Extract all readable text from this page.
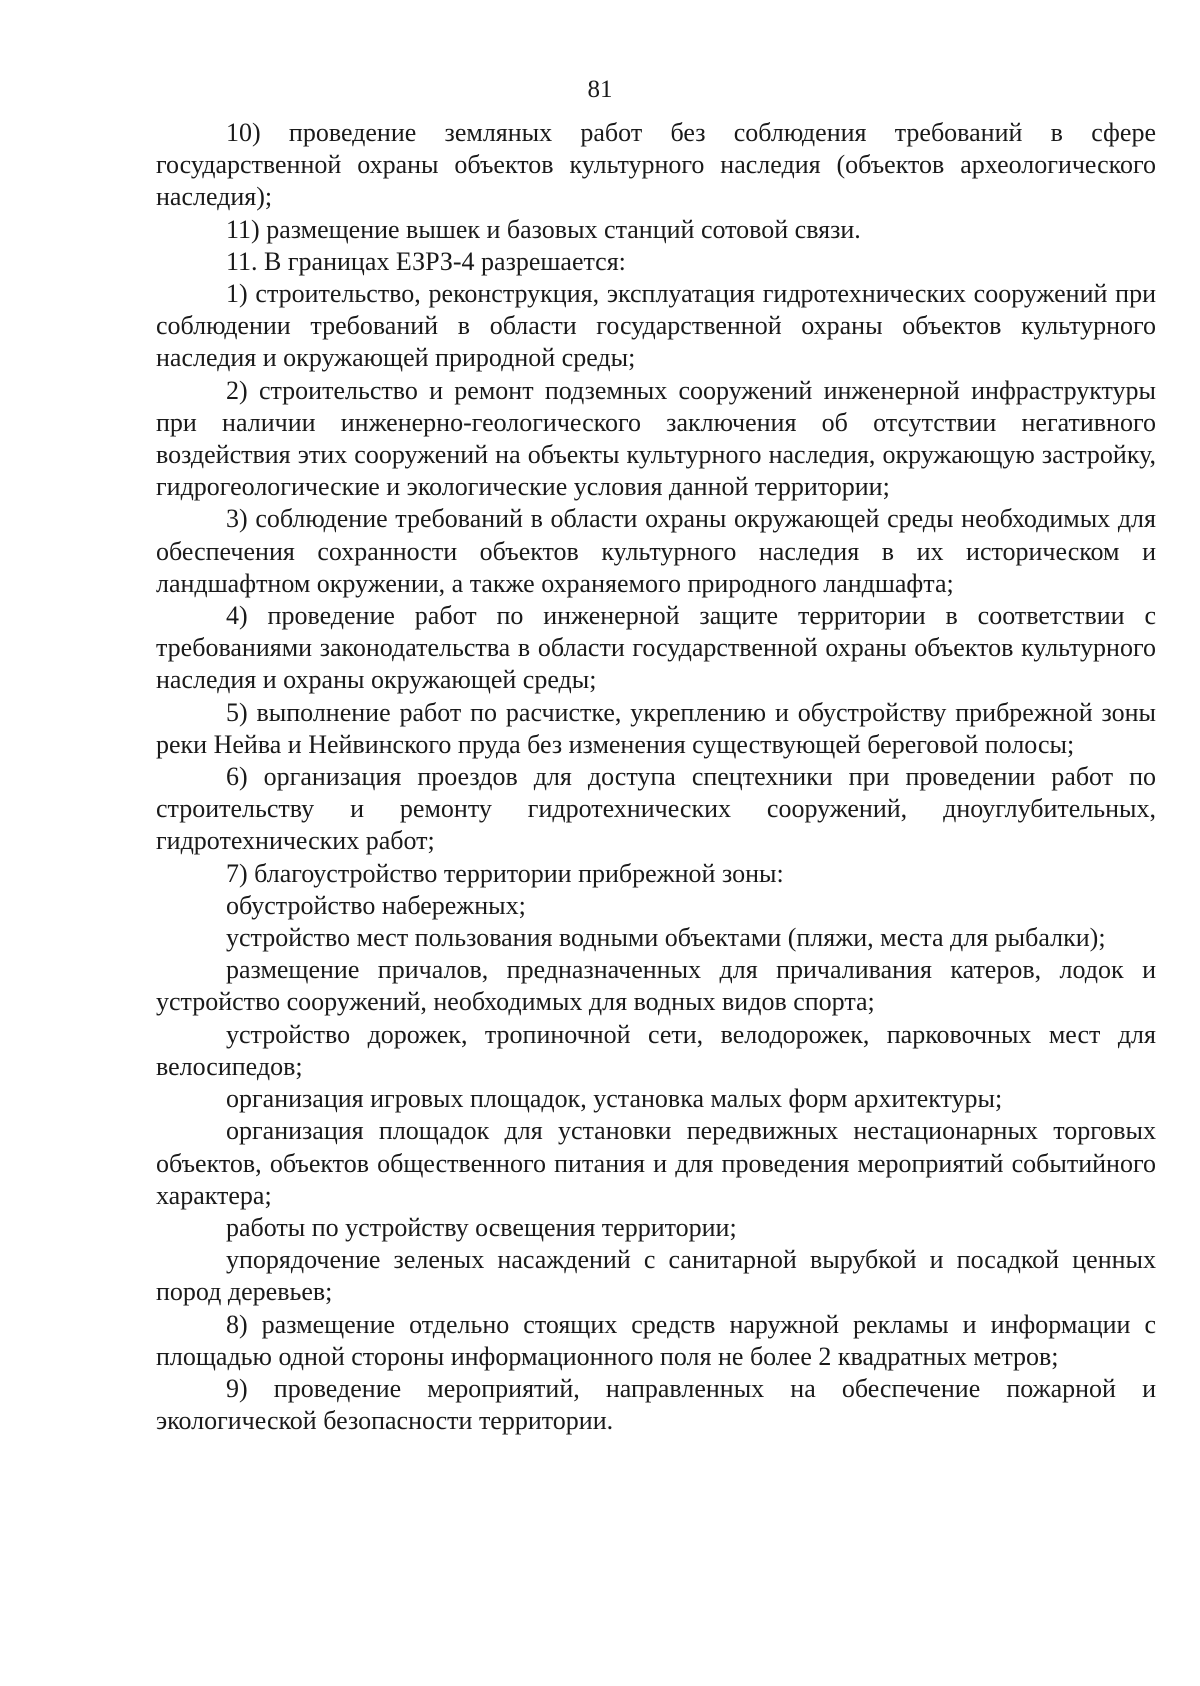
81

10) проведение земляных работ без соблюдения требований в сфере государственной охраны объектов культурного наследия (объектов археологического наследия);

11) размещение вышек и базовых станций сотовой связи.

11. В границах ЕЗРЗ-4 разрешается:

1) строительство, реконструкция, эксплуатация гидротехнических сооружений при соблюдении требований в области государственной охраны объектов культурного наследия и окружающей природной среды;

2) строительство и ремонт подземных сооружений инженерной инфраструктуры при наличии инженерно-геологического заключения об отсутствии негативного воздействия этих сооружений на объекты культурного наследия, окружающую застройку, гидрогеологические и экологические условия данной территории;

3) соблюдение требований в области охраны окружающей среды необходимых для обеспечения сохранности объектов культурного наследия в их историческом и ландшафтном окружении, а также охраняемого природного ландшафта;

4) проведение работ по инженерной защите территории в соответствии с требованиями законодательства в области государственной охраны объектов культурного наследия и охраны окружающей среды;

5) выполнение работ по расчистке, укреплению и обустройству прибрежной зоны реки Нейва и Нейвинского пруда без изменения существующей береговой полосы;

6) организация проездов для доступа спецтехники при проведении работ по строительству и ремонту гидротехнических сооружений, дноуглубительных, гидротехнических работ;

7) благоустройство территории прибрежной зоны:

обустройство набережных;

устройство мест пользования водными объектами (пляжи, места для рыбалки);

размещение причалов, предназначенных для причаливания катеров, лодок и устройство сооружений, необходимых для водных видов спорта;

устройство дорожек, тропиночной сети, велодорожек, парковочных мест для велосипедов;

организация игровых площадок, установка малых форм архитектуры;

организация площадок для установки передвижных нестационарных торговых объектов, объектов общественного питания и для проведения мероприятий событийного характера;

работы по устройству освещения территории;

упорядочение зеленых насаждений с санитарной вырубкой и посадкой ценных пород деревьев;

8) размещение отдельно стоящих средств наружной рекламы и информации с площадью одной стороны информационного поля не более 2 квадратных метров;

9) проведение мероприятий, направленных на обеспечение пожарной и экологической безопасности территории.
